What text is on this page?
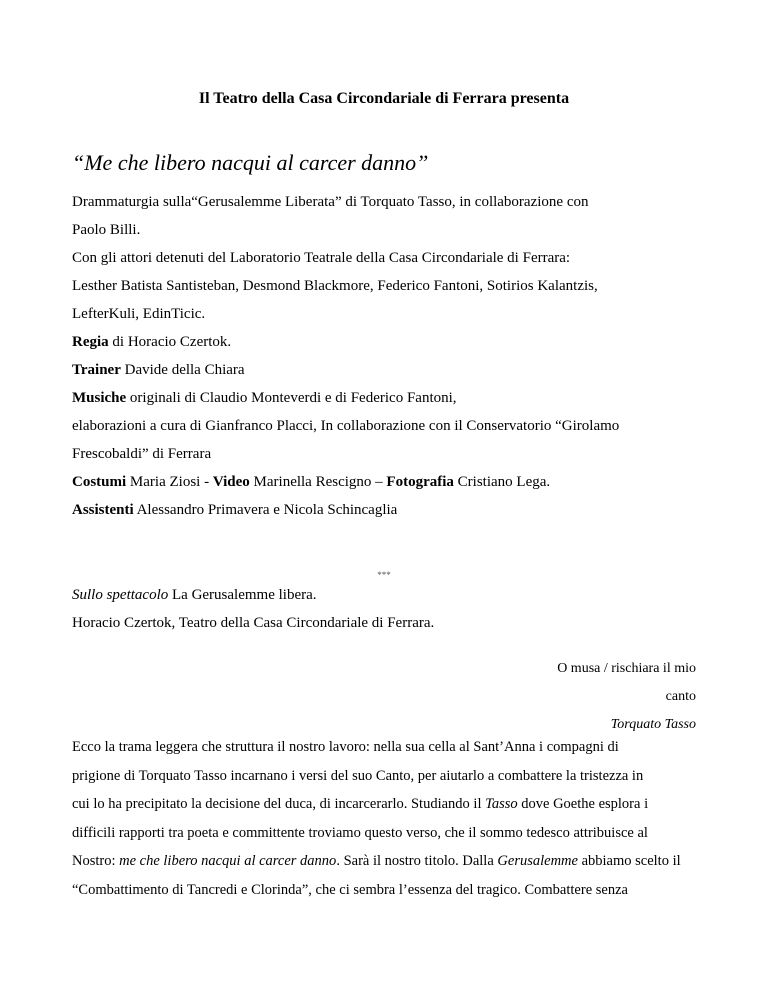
Il Teatro della Casa Circondariale di Ferrara presenta
“Me che libero nacqui al carcer danno”
Drammaturgia sulla“Gerusalemme Liberata” di Torquato Tasso, in collaborazione con
Paolo Billi.
Con gli attori detenuti del Laboratorio Teatrale della Casa Circondariale di Ferrara:
Lesther Batista Santisteban, Desmond Blackmore, Federico Fantoni, Sotirios Kalantzis,
LefterKuli, EdinTicic.
Regia di Horacio Czertok.
Trainer Davide della Chiara
Musiche originali di Claudio Monteverdi e di Federico Fantoni,
elaborazioni a cura di Gianfranco Placci, In collaborazione con il Conservatorio “Girolamo
Frescobaldi” di Ferrara
Costumi Maria Ziosi - Video Marinella Rescigno – Fotografia Cristiano Lega.
Assistenti Alessandro Primavera e Nicola Schincaglia
***
Sullo spettacolo La Gerusalemme libera.
Horacio Czertok, Teatro della Casa Circondariale di Ferrara.
O musa / rischiara il mio
canto
Torquato Tasso
Ecco la trama leggera che struttura il nostro lavoro: nella sua cella al Sant’Anna i compagni di
prigione di Torquato Tasso incarnano i versi del suo Canto, per aiutarlo a combattere la tristezza in
cui lo ha precipitato la decisione del duca, di incarcerarlo. Studiando il Tasso dove Goethe esplora i
difficili rapporti tra poeta e committente troviamo questo verso, che il sommo tedesco attribuisce al
Nostro: me che libero nacqui al carcer danno. Sarà il nostro titolo. Dalla Gerusalemme abbiamo scelto il
“Combattimento di Tancredi e Clorinda”, che ci sembra l’essenza del tragico. Combattere senza
